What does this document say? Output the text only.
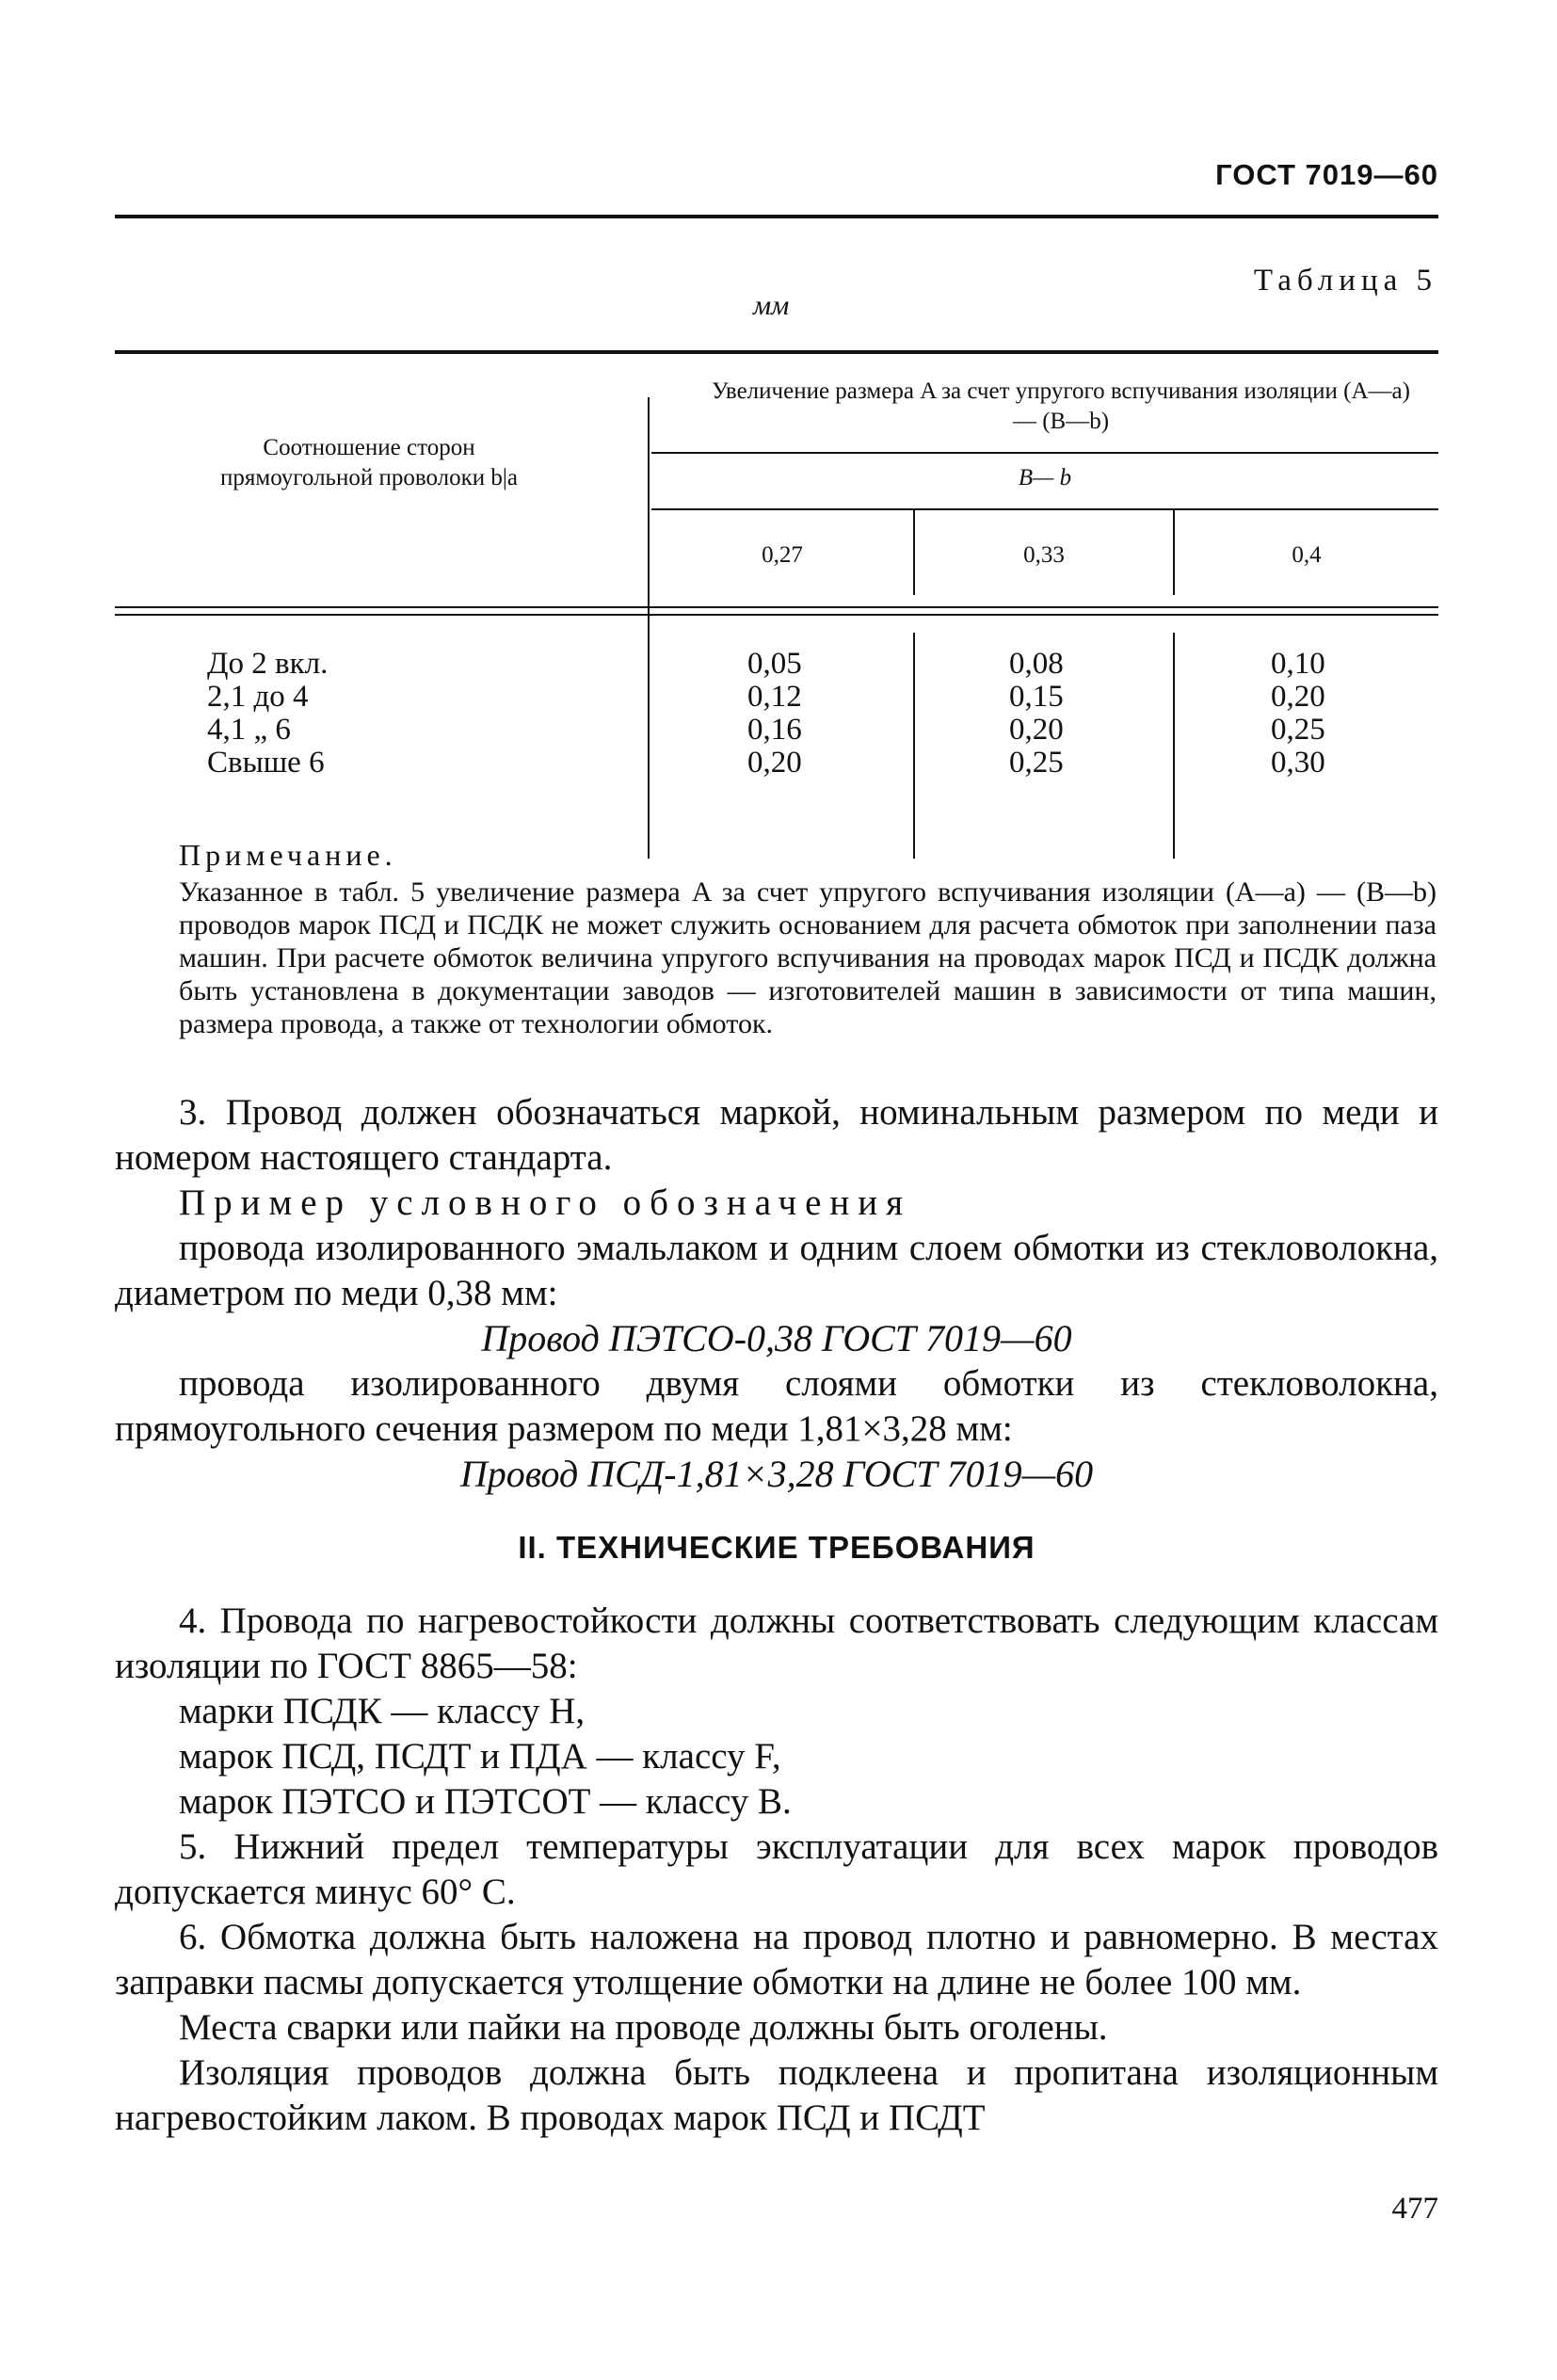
ГОСТ 7019—60
Таблица 5
мм
Соотношение сторон прямоугольной проволоки b|a
Увеличение размера A за счет упругого вспучивания изоляции (A—a) — (B—b)
B— b
0,27	0,33	0,4
До 2 вкл.
2,1 до 4
4,1 „ 6
Свыше 6
0,05
0,12
0,16
0,20
0,08
0,15
0,20
0,25
0,10
0,20
0,25
0,30
Примечание.

Указанное в табл. 5 увеличение размера A за счет упругого вспучивания изоляции (A—a) — (B—b) проводов марок ПСД и ПСДК не может служить основанием для расчета обмоток при заполнении паза машин. При расчете обмоток величина упругого вспучивания на проводах марок ПСД и ПСДК должна быть установлена в документации заводов — изготовителей машин в зависимости от типа машин, размера провода, а также от технологии обмоток.

3. Провод должен обозначаться маркой, номинальным размером по меди и номером настоящего стандарта.

Пример условного обозначения

провода изолированного эмальлаком и одним слоем обмотки из стекловолокна, диаметром по меди 0,38 мм:

Провод ПЭТСО-0,38 ГОСТ 7019—60

провода изолированного двумя слоями обмотки из стекловолокна, прямоугольного сечения размером по меди 1,81×3,28 мм:

Провод ПСД-1,81×3,28 ГОСТ 7019—60

II. ТЕХНИЧЕСКИЕ ТРЕБОВАНИЯ

4. Провода по нагревостойкости должны соответствовать следующим классам изоляции по ГОСТ 8865—58:

марки ПСДК — классу H,

марок ПСД, ПСДТ и ПДА — классу F,

марок ПЭТСО и ПЭТСОТ — классу B.

5. Нижний предел температуры эксплуатации для всех марок проводов допускается минус 60° С.

6. Обмотка должна быть наложена на провод плотно и равномерно. В местах заправки пасмы допускается утолщение обмотки на длине не более 100 мм.

Места сварки или пайки на проводе должны быть оголены.

Изоляция проводов должна быть подклеена и пропитана изоляционным нагревостойким лаком. В проводах марок ПСД и ПСДТ

477
